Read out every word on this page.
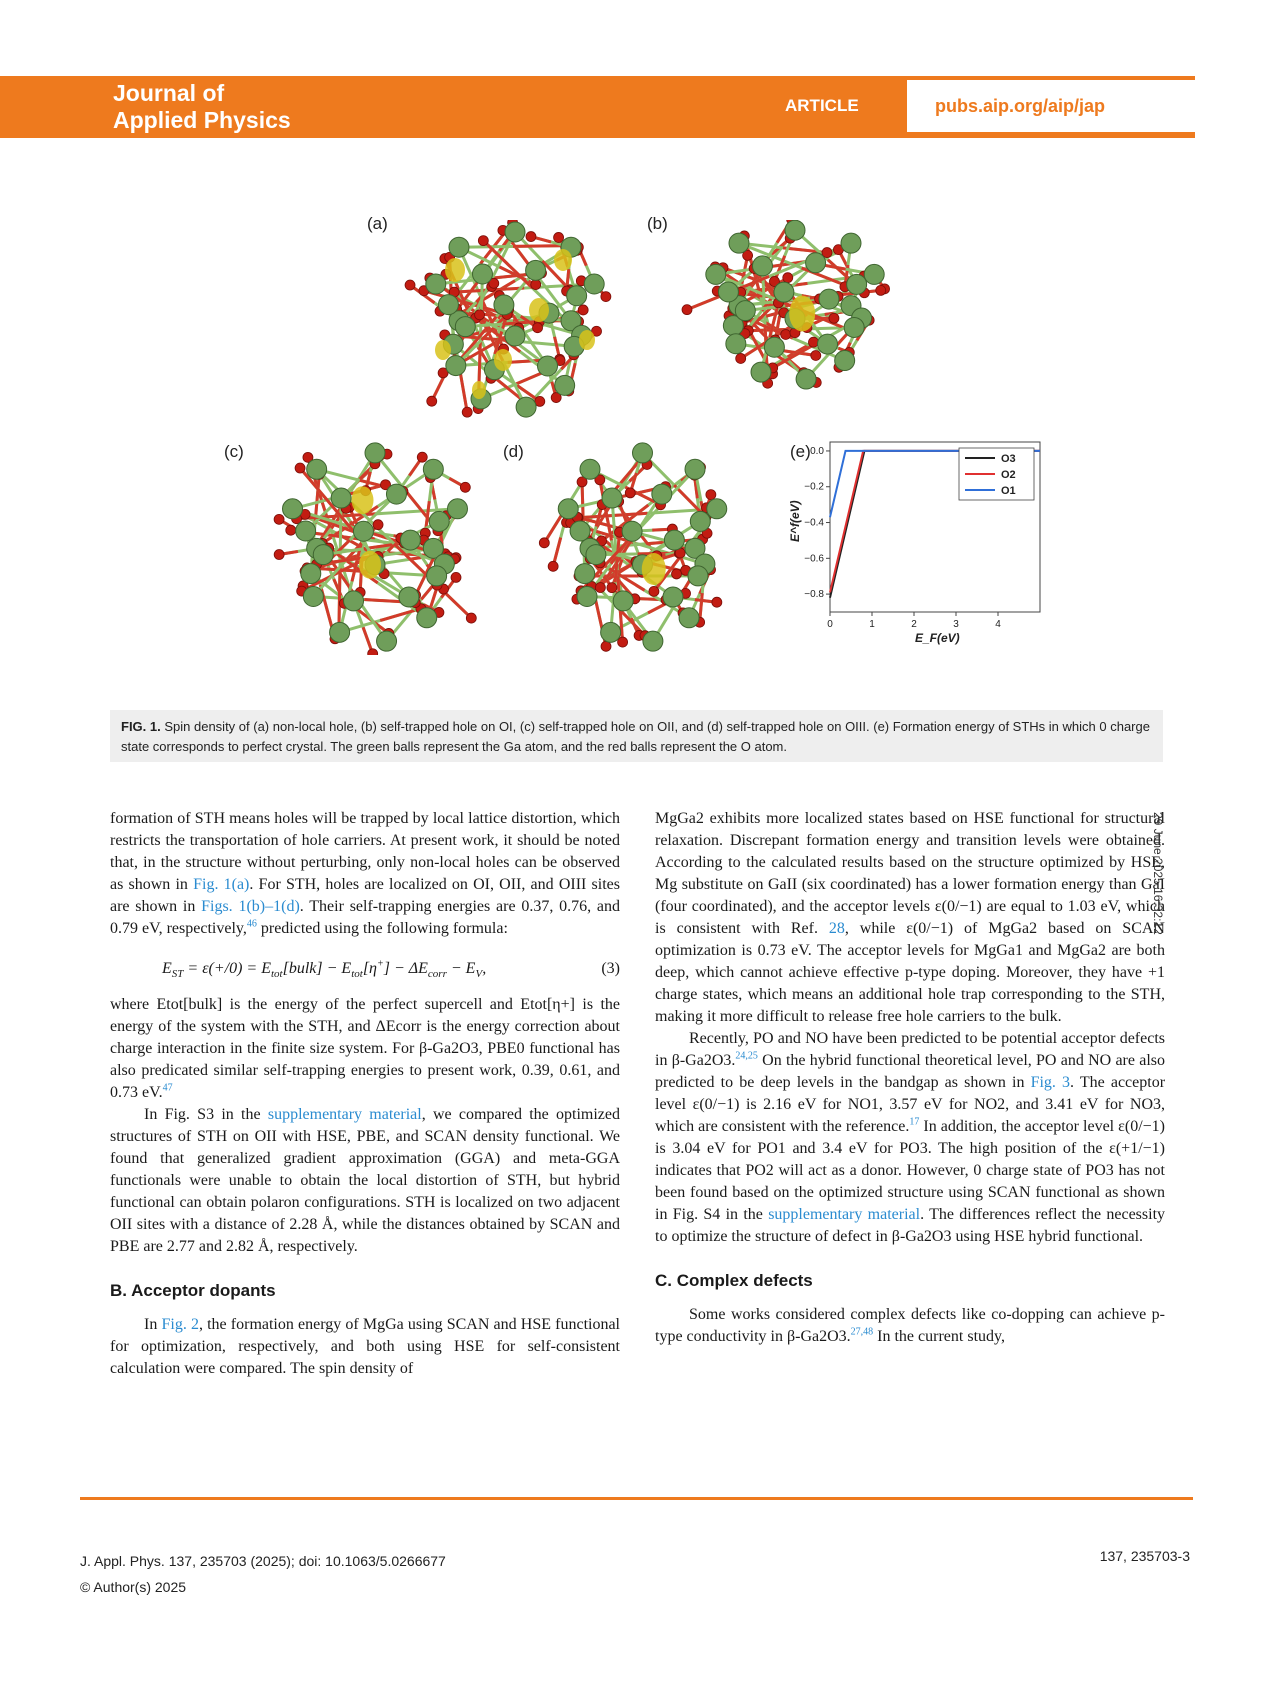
Journal of
Applied Physics
ARTICLE	pubs.aip.org/aip/jap
(a)	(b)
(c)	(d)	(e)
0	1	2	3	4
0.0
−0.2
−0.4
−0.6
−0.8
E_F(eV)
E^f(eV)
O3
O2
O1
FIG. 1. Spin density of (a) non-local hole, (b) self-trapped hole on OI, (c) self-trapped hole on OII, and (d) self-trapped hole on OIII. (e) Formation energy of STHs in which 0 charge state corresponds to perfect crystal. The green balls represent the Ga atom, and the red balls represent the O atom.

formation of STH means holes will be trapped by local lattice distortion, which restricts the transportation of hole carriers. At present work, it should be noted that, in the structure without perturbing, only non-local holes can be observed as shown in Fig. 1(a). For STH, holes are localized on OI, OII, and OIII sites are shown in Figs. 1(b)–1(d). Their self-trapping energies are 0.37, 0.76, and 0.79 eV, respectively,$^{46}$ predicted using the following formula:

$E_{ST} = \varepsilon(+/0)$ = $E_{tot}[bulk] - E_{tot}[\eta^+] - \Delta E_{corr} - E_V$,	(3)

where Etot[bulk] is the energy of the perfect supercell and Etot[η+] is the energy of the system with the STH, and ΔEcorr is the energy correction about charge interaction in the finite size system. For β-Ga2O3, PBE0 functional has also predicated similar self-trapping energies to present work, 0.39, 0.61, and 0.73 eV.$^{47}$

In Fig. S3 in the supplementary material, we compared the optimized structures of STH on OII with HSE, PBE, and SCAN density functional. We found that generalized gradient approximation (GGA) and meta-GGA functionals were unable to obtain the local distortion of STH, but hybrid functional can obtain polaron configurations. STH is localized on two adjacent OII sites with a distance of 2.28 Å, while the distances obtained by SCAN and PBE are 2.77 and 2.82 Å, respectively.

B. Acceptor dopants

In Fig. 2, the formation energy of MgGa using SCAN and HSE functional for optimization, respectively, and both using HSE for self-consistent calculation were compared. The spin density of

MgGa2 exhibits more localized states based on HSE functional for structural relaxation. Discrepant formation energy and transition levels were obtained. According to the calculated results based on the structure optimized by HSE, Mg substitute on GaII (six coordinated) has a lower formation energy than GaI (four coordinated), and the acceptor levels ε(0/−1) are equal to 1.03 eV, which is consistent with Ref. 28, while ε(0/−1) of MgGa2 based on SCAN optimization is 0.73 eV. The acceptor levels for MgGa1 and MgGa2 are both deep, which cannot achieve effective p-type doping. Moreover, they have +1 charge states, which means an additional hole trap corresponding to the STH, making it more difficult to release free hole carriers to the bulk.

Recently, PO and NO have been predicted to be potential acceptor defects in β-Ga2O3.$^{24,25}$ On the hybrid functional theoretical level, PO and NO are also predicted to be deep levels in the bandgap as shown in Fig. 3. The acceptor level ε(0/−1) is 2.16 eV for NO1, 3.57 eV for NO2, and 3.41 eV for NO3, which are consistent with the reference.$^{17}$ In addition, the acceptor level ε(0/−1) is 3.04 eV for PO1 and 3.4 eV for PO3. The high position of the ε(+1/−1) indicates that PO2 will act as a donor. However, 0 charge state of PO3 has not been found based on the optimized structure using SCAN functional as shown in Fig. S4 in the supplementary material. The differences reflect the necessity to optimize the structure of defect in β-Ga2O3 using HSE hybrid functional.

C. Complex defects

Some works considered complex defects like co-dopping can achieve p-type conductivity in β-Ga2O3.$^{27,48}$ In the current study,

29 June 2025 16:32:12
J. Appl. Phys. 137, 235703 (2025); doi: 10.1063/5.0266677
© Author(s) 2025
137, 235703-3
